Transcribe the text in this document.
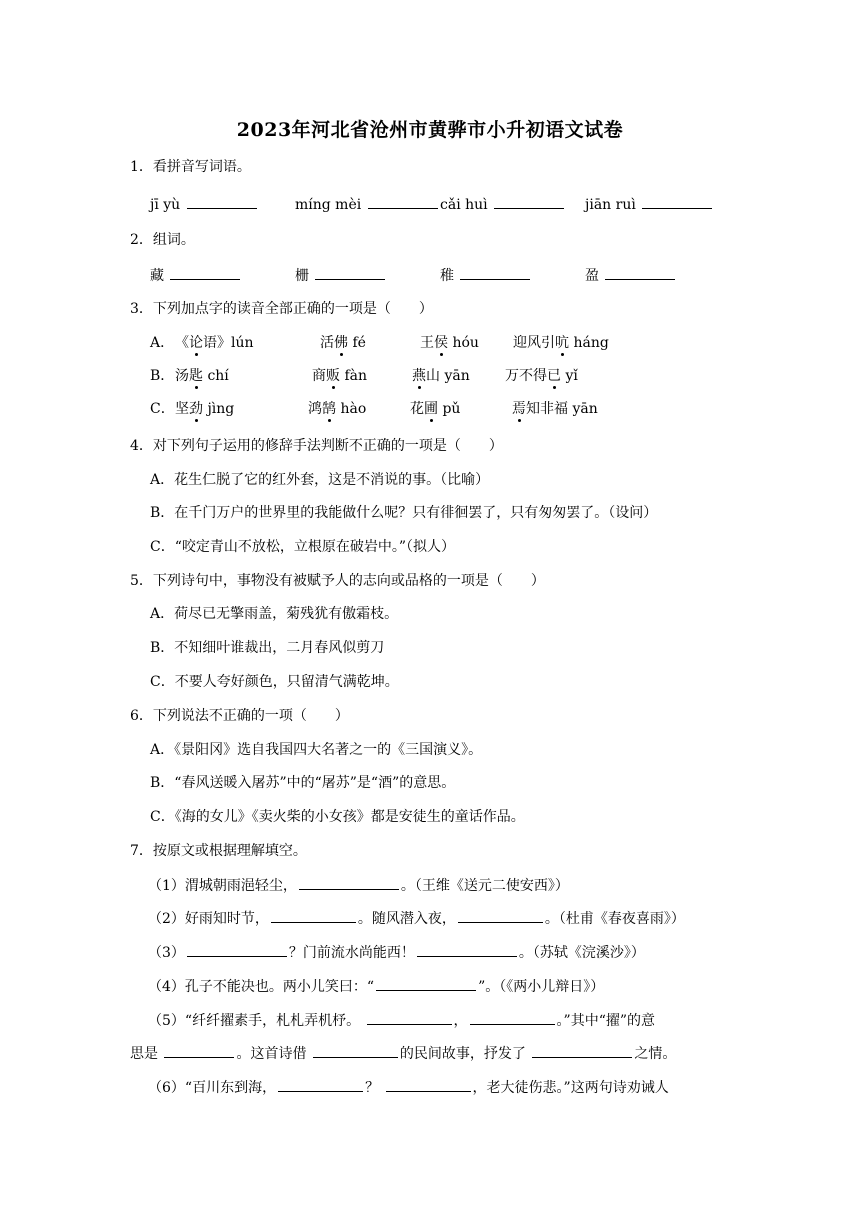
2023年河北省沧州市黄骅市小升初语文试卷
1．看拼音写词语。
jī yù	míng mèi	cǎi huì	jiān ruì
2．组词。
藏	栅	稚	盈
3．下列加点字的读音全部正确的一项是（　　）
A． 《论语》lún	活佛 fé	王侯 hóu 迎风引吭 háng
B． 汤匙 chí	商贩 fàn	燕山 yān	万不得已 yǐ
C． 坚劲 jìng	鸿鹄 hào	花圃 pǔ	焉知非福 yān
4．对下列句子运用的修辞手法判断不正确的一项是（　　）
A．花生仁脱了它的红外套，这是不消说的事。（比喻）
B．在千门万户的世界里的我能做什么呢？只有徘徊罢了，只有匆匆罢了。（设问）
C．“咬定青山不放松，立根原在破岩中。”（拟人）
5．下列诗句中，事物没有被赋予人的志向或品格的一项是（　　）
A．荷尽已无擎雨盖，菊残犹有傲霜枝。
B．不知细叶谁裁出，二月春风似剪刀
C．不要人夸好颜色，只留清气满乾坤。
6．下列说法不正确的一项（　　）
A．《景阳冈》选自我国四大名著之一的《三国演义》。
B．“春风送暖入屠苏”中的“屠苏”是“酒”的意思。
C．《海的女儿》《卖火柴的小女孩》都是安徒生的童话作品。
7．按原文或根据理解填空。
（1）渭城朝雨浥轻尘，	。（王维《送元二使安西》）
（2）好雨知时节，	。随风潜入夜，	。（杜甫《春夜喜雨》）
（3）	？门前流水尚能西！	。（苏轼《浣溪沙》）
（4）孔子不能决也。两小儿笑曰：“	”。（《两小儿辩日》）
（5）“纤纤擢素手，札札弄机杼。	，	。”其中“擢”的意
思是	。这首诗借	的民间故事，抒发了	之情。
（6）“百川东到海，	？	，老大徒伤悲。”这两句诗劝诫人
